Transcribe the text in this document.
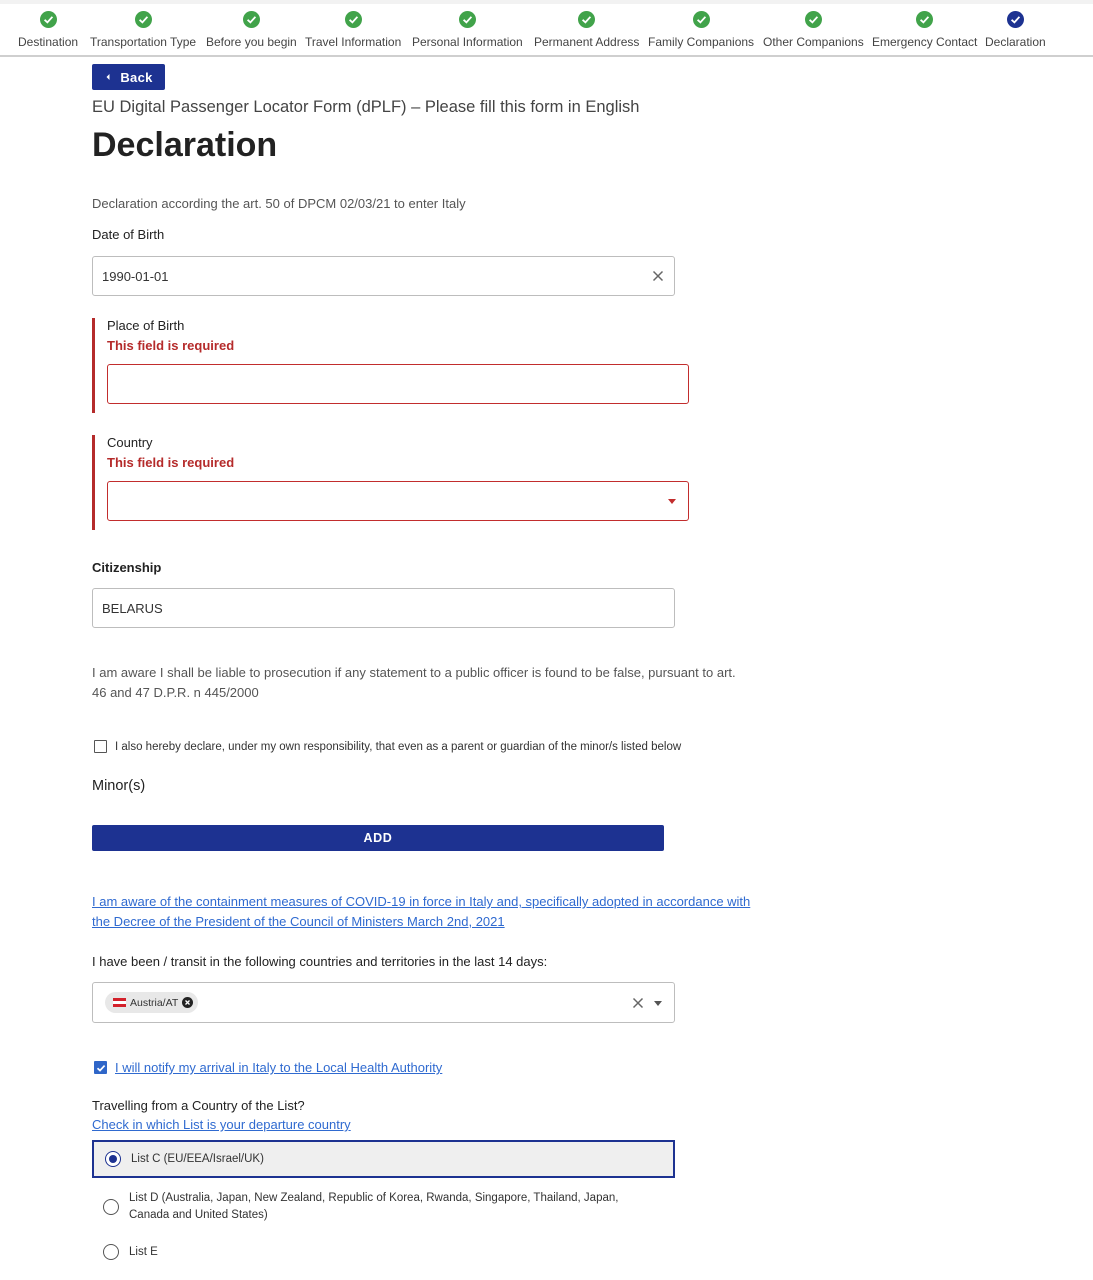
Destination Transportation Type Before you begin Travel Information Personal Information Permanent Address Family Companions Other Companions Emergency Contact Declaration
Back
EU Digital Passenger Locator Form (dPLF) – Please fill this form in English
Declaration
Declaration according the art. 50 of DPCM 02/03/21 to enter Italy
Date of Birth
1990-01-01
Place of Birth
This field is required
Country
This field is required
Citizenship
BELARUS
I am aware I shall be liable to prosecution if any statement to a public officer is found to be false, pursuant to art. 46 and 47 D.P.R. n 445/2000
I also hereby declare, under my own responsibility, that even as a parent or guardian of the minor/s listed below
Minor(s)
ADD
I am aware of the containment measures of COVID-19 in force in Italy and, specifically adopted in accordance with the Decree of the President of the Council of Ministers March 2nd, 2021
I have been / transit in the following countries and territories in the last 14 days:
Austria/AT
I will notify my arrival in Italy to the Local Health Authority
Travelling from a Country of the List?
Check in which List is your departure country
List C (EU/EEA/Israel/UK)
List D (Australia, Japan, New Zealand, Republic of Korea, Rwanda, Singapore, Thailand, Japan, Canada and United States)
List E
